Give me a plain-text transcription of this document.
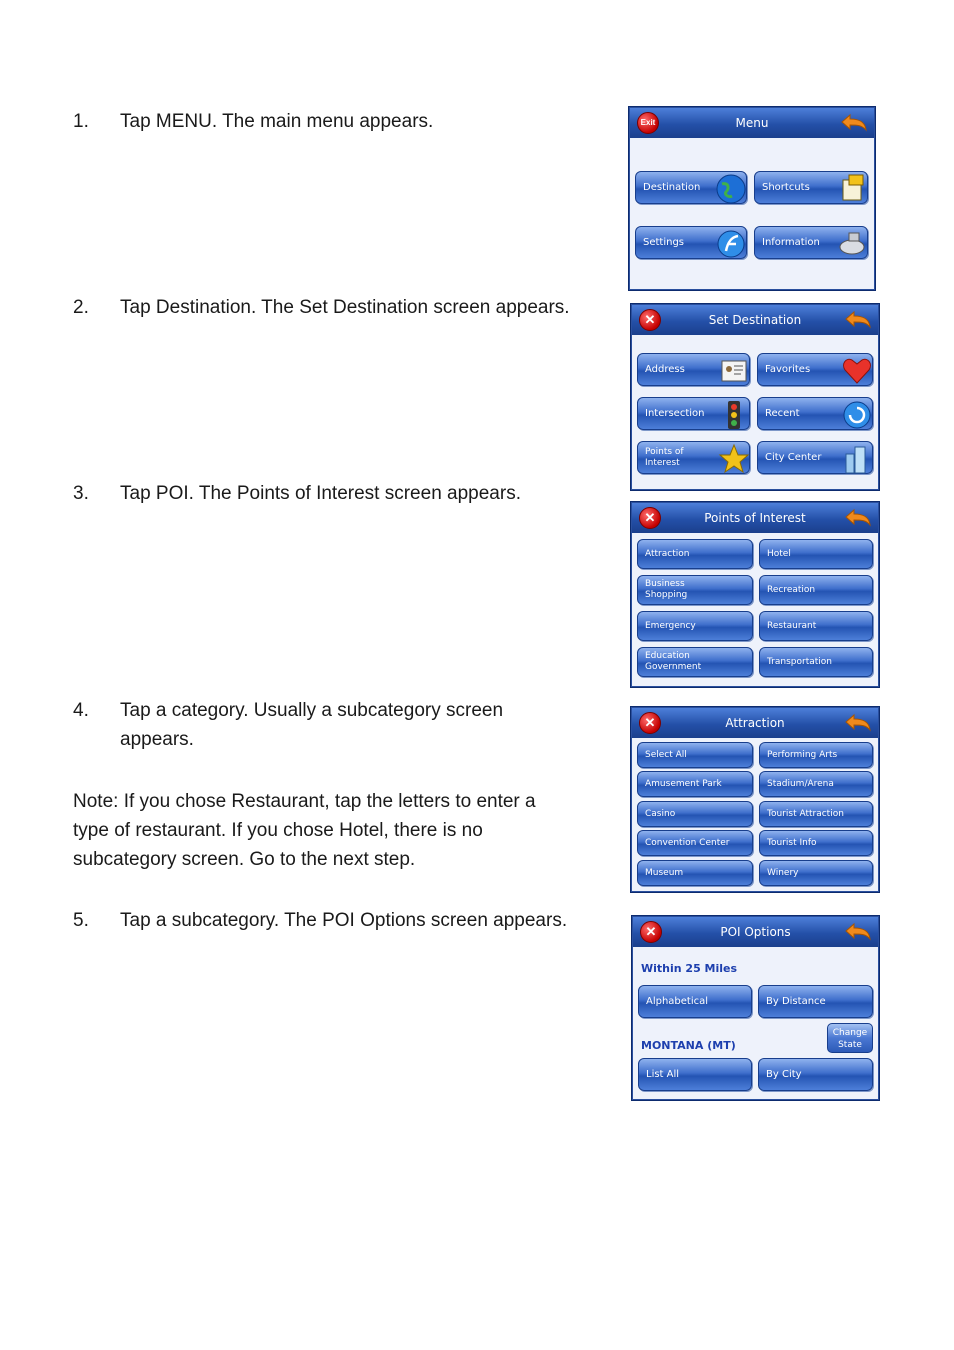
1.	Tap MENU. The main menu appears.
2.	Tap Destination. The Set Destination screen appears.
3.	Tap POI. The Points of Interest screen appears.
4.	Tap a category. Usually a subcategory screen
appears.
Note: If you chose Restaurant, tap the letters to enter a
type of restaurant. If you chose Hotel, there is no
subcategory screen. Go to the next step.
5.	Tap a subcategory. The POI Options screen appears.
Menu
Exit
Destination	Shortcuts
Settings	Information
Set Destination
✕
Address	Favorites
Intersection	Recent
Points of Interest	City Center
Points of Interest
✕
Attraction	Hotel
Business Shopping	Recreation
Emergency	Restaurant
Education Government	Transportation
Attraction
✕
Select All	Performing Arts
Amusement Park	Stadium/Arena
Casino	Tourist Attraction
Convention Center	Tourist Info
Museum	Winery
POI Options
✕
Within 25 Miles
Alphabetical	By Distance
Change State
MONTANA (MT)
List All	By City
